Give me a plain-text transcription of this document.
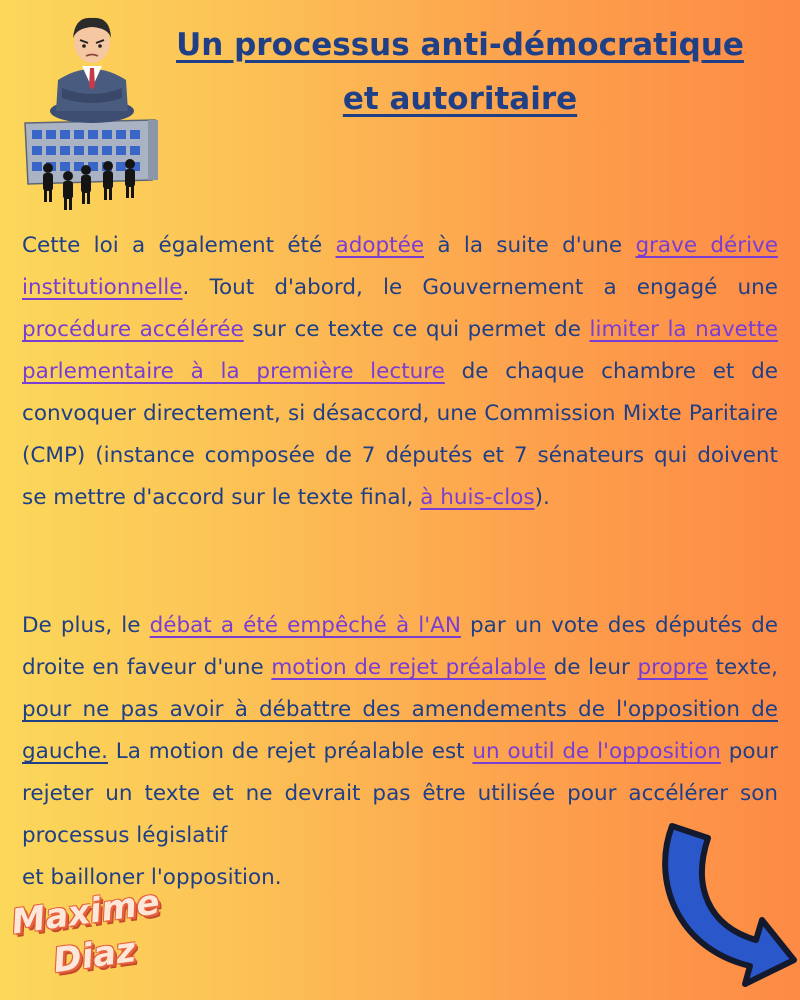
Un processus anti-démocratique
et autoritaire

Cette loi a également été adoptée à la suite d'une grave dérive institutionnelle. Tout d'abord, le Gouvernement a engagé une procédure accélérée sur ce texte ce qui permet de limiter la navette parlementaire à la première lecture de chaque chambre et de convoquer directement, si désaccord, une Commission Mixte Paritaire (CMP) (instance composée de 7 députés et 7 sénateurs qui doivent se mettre d'accord sur le texte final, à huis-clos).

De plus, le débat a été empêché à l'AN par un vote des députés de droite en faveur d'une motion de rejet préalable de leur propre texte, pour ne pas avoir à débattre des amendements de l'opposition de gauche. La motion de rejet préalable est un outil de l'opposition pour rejeter un texte et ne devrait pas être utilisée pour accélérer son processus législatif
et bailloner l'opposition.

Maxime
Diaz
